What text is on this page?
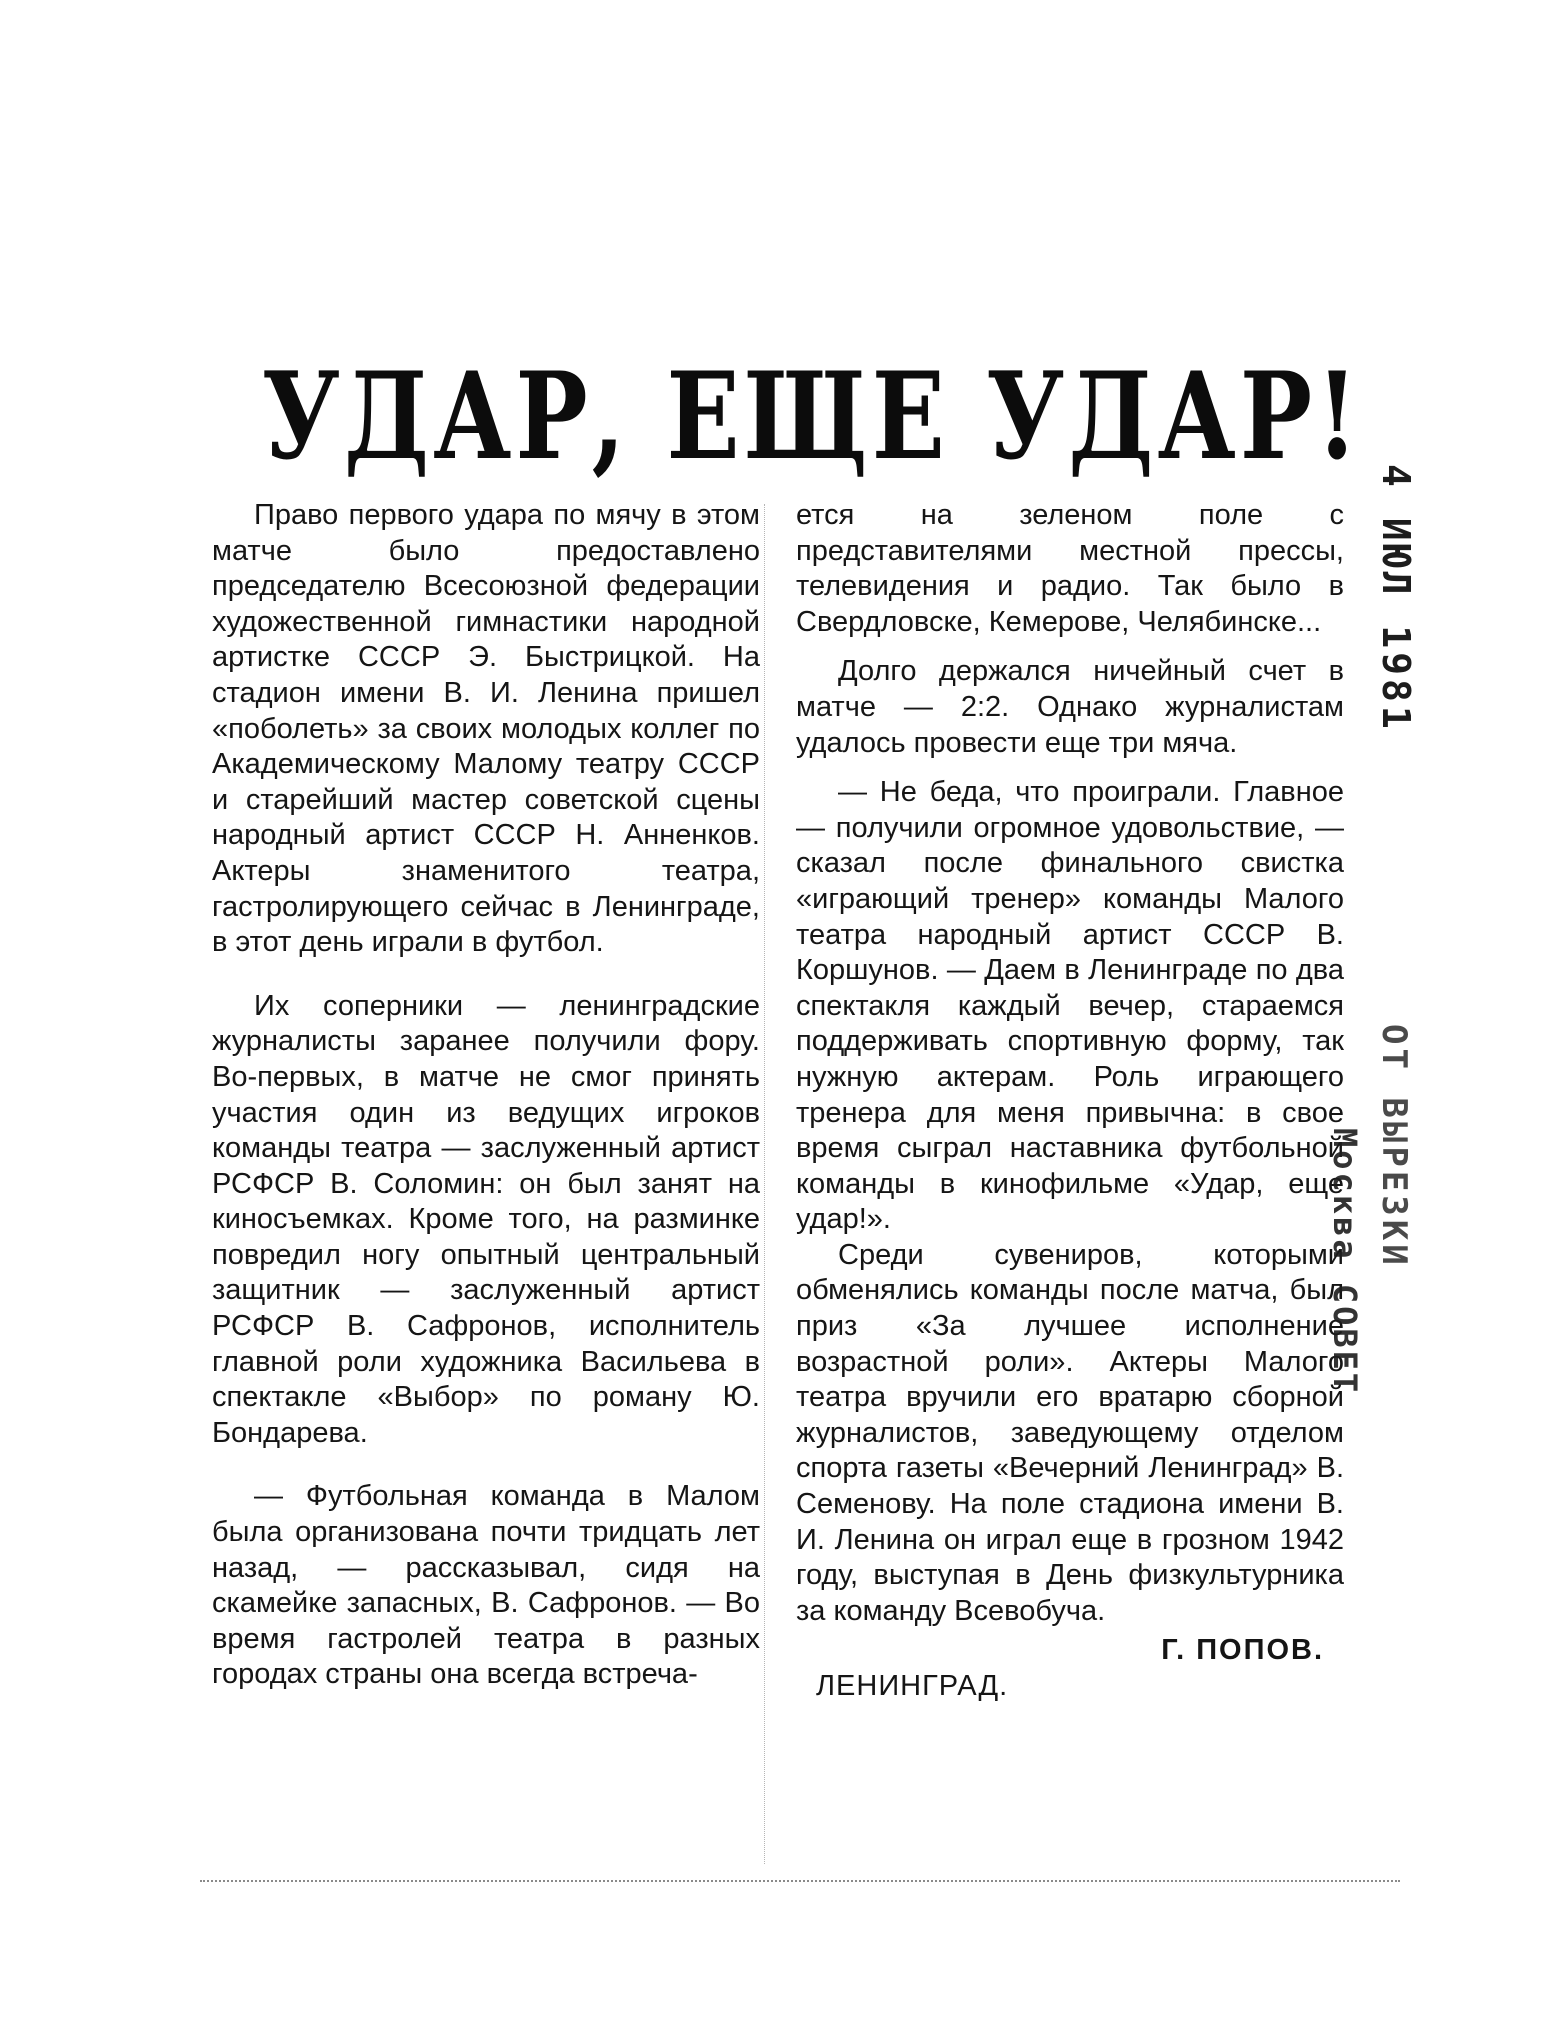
УДАР, ЕЩЕ УДАР!

Право первого удара по мячу в этом матче было предоставлено председателю Всесоюзной федерации художественной гимнастики народной артистке СССР Э. Быстрицкой. На стадион имени В. И. Ленина пришел «поболеть» за своих молодых коллег по Академическому Малому театру СССР и старейший мастер советской сцены народный артист СССР Н. Анненков. Актеры знаменитого театра, гастролирующего сейчас в Ленинграде, в этот день играли в футбол.

Их соперники — ленинградские журналисты заранее получили фору. Во-первых, в матче не смог принять участия один из ведущих игроков команды театра — заслуженный артист РСФСР В. Соломин: он был занят на киносъемках. Кроме того, на разминке повредил ногу опытный центральный защитник — заслуженный артист РСФСР В. Сафронов, исполнитель главной роли художника Васильева в спектакле «Выбор» по роману Ю. Бондарева.

— Футбольная команда в Малом была организована почти тридцать лет назад, — рассказывал, сидя на скамейке запасных, В. Сафронов. — Во время гастролей театра в разных городах страны она всегда встреча-

ется на зеленом поле с представителями местной прессы, телевидения и радио. Так было в Свердловске, Кемерове, Челябинске...

Долго держался ничейный счет в матче — 2:2. Однако журналистам удалось провести еще три мяча.

— Не беда, что проиграли. Главное — получили огромное удовольствие, — сказал после финального свистка «играющий тренер» команды Малого театра народный артист СССР В. Коршунов. — Даем в Ленинграде по два спектакля каждый вечер, стараемся поддерживать спортивную форму, так нужную актерам. Роль играющего тренера для меня привычна: в свое время сыграл наставника футбольной команды в кинофильме «Удар, еще удар!».

Среди сувениров, которыми обменялись команды после матча, был приз «За лучшее исполнение возрастной роли». Актеры Малого театра вручили его вратарю сборной журналистов, заведующему отделом спорта газеты «Вечерний Ленинград» В. Семенову. На поле стадиона имени В. И. Ленина он играл еще в грозном 1942 году, выступая в День физкультурника за команду Всевобуча.

Г. ПОПОВ.

ЛЕНИНГРАД.

4 ИЮЛ 1981
ОТ ВЫРЕЗКИ
Москва СОВЕТ
